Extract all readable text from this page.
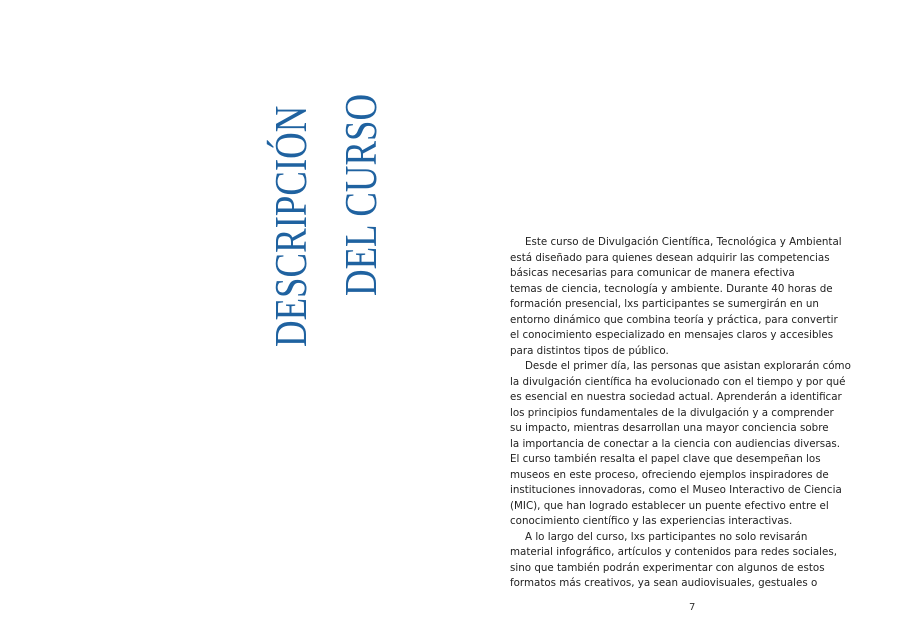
DESCRIPCIÓN DEL CURSO	Este curso de Divulgación Científica, Tecnológica y Ambiental
está diseñado para quienes desean adquirir las competencias
básicas necesarias para comunicar de manera efectiva
temas de ciencia, tecnología y ambiente. Durante 40 horas de
formación presencial, lxs participantes se sumergirán en un
entorno dinámico que combina teoría y práctica, para convertir
el conocimiento especializado en mensajes claros y accesibles
para distintos tipos de público.
Desde el primer día, las personas que asistan explorarán cómo
la divulgación científica ha evolucionado con el tiempo y por qué
es esencial en nuestra sociedad actual. Aprenderán a identificar
los principios fundamentales de la divulgación y a comprender
su impacto, mientras desarrollan una mayor conciencia sobre
la importancia de conectar a la ciencia con audiencias diversas.
El curso también resalta el papel clave que desempeñan los
museos en este proceso, ofreciendo ejemplos inspiradores de
instituciones innovadoras, como el Museo Interactivo de Ciencia
(MIC), que han logrado establecer un puente efectivo entre el
conocimiento científico y las experiencias interactivas.
A lo largo del curso, lxs participantes no solo revisarán
material infográfico, artículos y contenidos para redes sociales,
sino que también podrán experimentar con algunos de estos
formatos más creativos, ya sean audiovisuales, gestuales o
7
